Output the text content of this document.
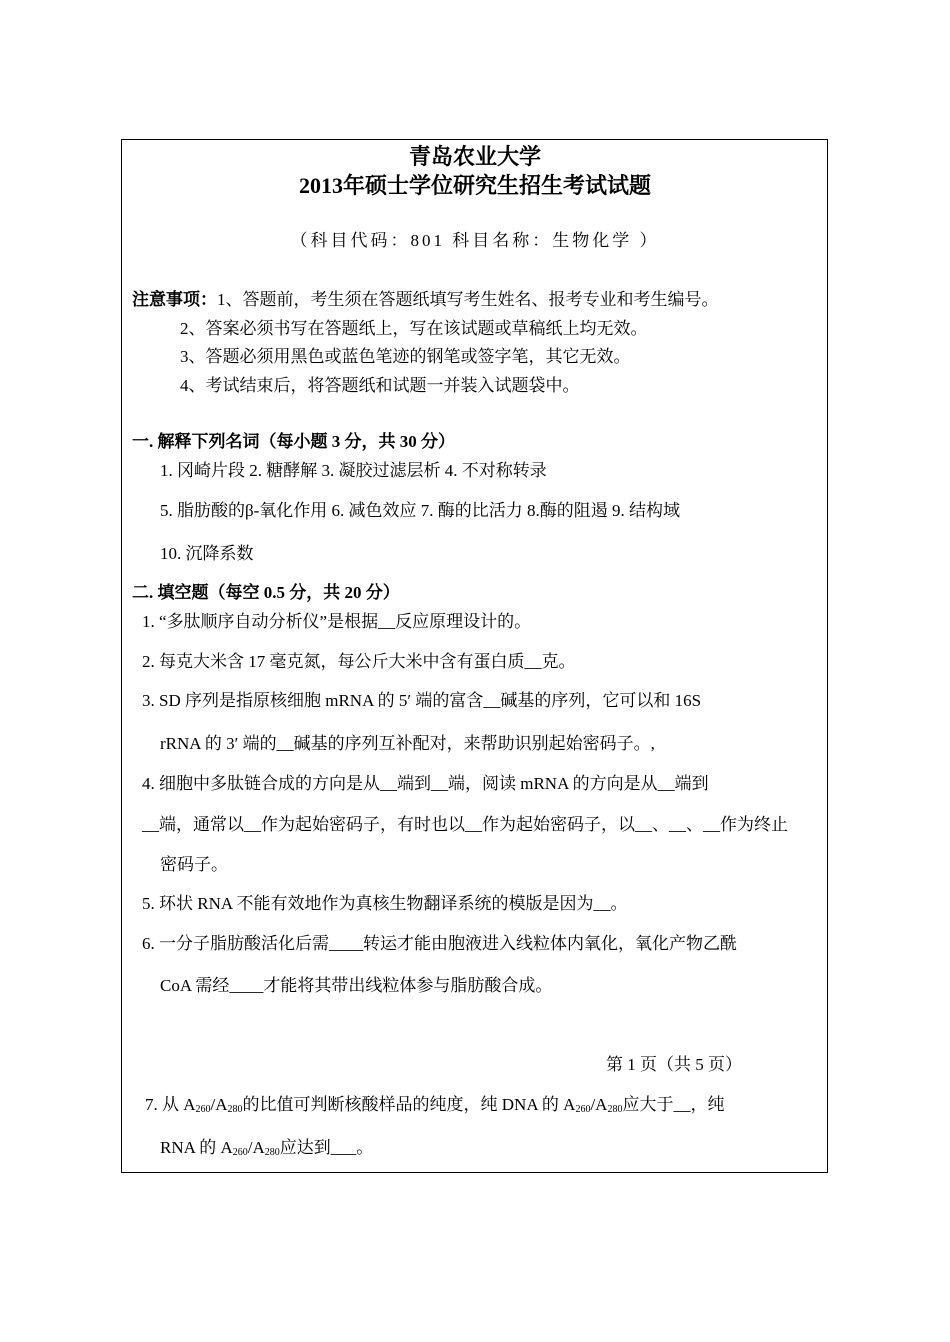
青岛农业大学
2013年硕士学位研究生招生考试试题
（科目代码：801 科目名称：生物化学 ）
注意事项：1、答题前，考生须在答题纸填写考生姓名、报考专业和考生编号。
2、答案必须书写在答题纸上，写在该试题或草稿纸上均无效。
3、答题必须用黑色或蓝色笔迹的钢笔或签字笔，其它无效。
4、考试结束后，将答题纸和试题一并装入试题袋中。
一. 解释下列名词（每小题 3 分，共 30 分）
1. 冈崎片段 2. 糖酵解 3. 凝胶过滤层析 4. 不对称转录
5. 脂肪酸的β-氧化作用 6. 减色效应 7. 酶的比活力 8.酶的阻遏 9. 结构域
10. 沉降系数
二. 填空题（每空 0.5 分，共 20 分）
1. “多肽顺序自动分析仪”是根据__反应原理设计的。
2. 每克大米含 17 毫克氮，每公斤大米中含有蛋白质__克。
3. SD 序列是指原核细胞 mRNA 的 5′ 端的富含__碱基的序列，它可以和 16S
rRNA 的 3′ 端的__碱基的序列互补配对，来帮助识别起始密码子。,
4. 细胞中多肽链合成的方向是从__端到__端，阅读 mRNA 的方向是从__端到
__端，通常以__作为起始密码子，有时也以__作为起始密码子，以__、__、__作为终止
密码子。
5. 环状 RNA 不能有效地作为真核生物翻译系统的模版是因为__。
6. 一分子脂肪酸活化后需____转运才能由胞液进入线粒体内氧化，氧化产物乙酰
CoA 需经____才能将其带出线粒体参与脂肪酸合成。
第 1 页（共 5 页）
7. 从 $A_{260}/A_{280}$的比值可判断核酸样品的纯度，纯 DNA 的 $A_{260}/A_{280}$应大于__，纯
RNA 的 $A_{260}/A_{280}$应达到___。
